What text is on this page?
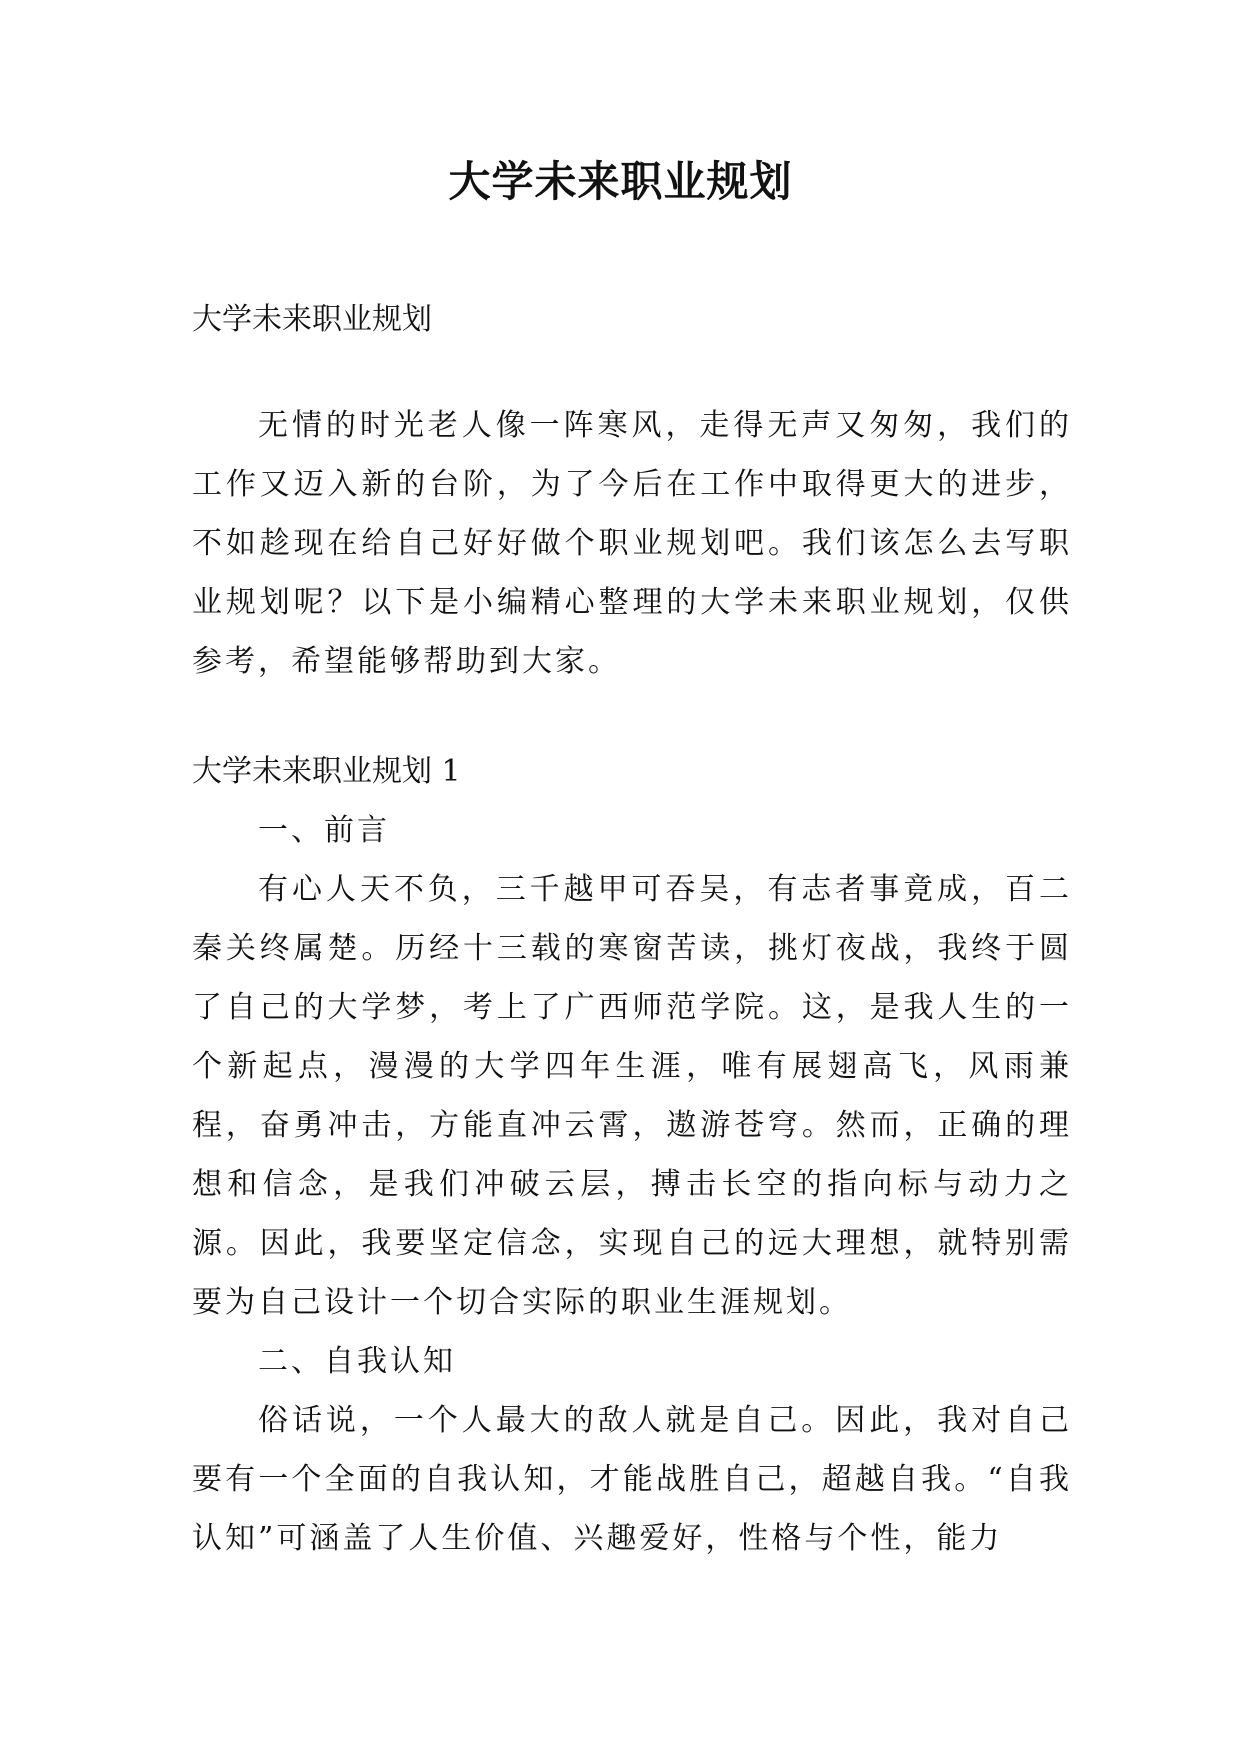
大学未来职业规划

大学未来职业规划

无情的时光老人像一阵寒风，走得无声又匆匆，我们的工作又迈入新的台阶，为了今后在工作中取得更大的进步，不如趁现在给自己好好做个职业规划吧。我们该怎么去写职业规划呢？以下是小编精心整理的大学未来职业规划，仅供参考，希望能够帮助到大家。

大学未来职业规划 1

一、前言

有心人天不负，三千越甲可吞吴，有志者事竟成，百二秦关终属楚。历经十三载的寒窗苦读，挑灯夜战，我终于圆了自己的大学梦，考上了广西师范学院。这，是我人生的一个新起点，漫漫的大学四年生涯，唯有展翅高飞，风雨兼程，奋勇冲击，方能直冲云霄，遨游苍穹。然而，正确的理想和信念，是我们冲破云层，搏击长空的指向标与动力之源。因此，我要坚定信念，实现自己的远大理想，就特别需要为自己设计一个切合实际的职业生涯规划。

二、自我认知

俗话说，一个人最大的敌人就是自己。因此，我对自己要有一个全面的自我认知，才能战胜自己，超越自我。“自我认知”可涵盖了人生价值、兴趣爱好，性格与个性，能力
